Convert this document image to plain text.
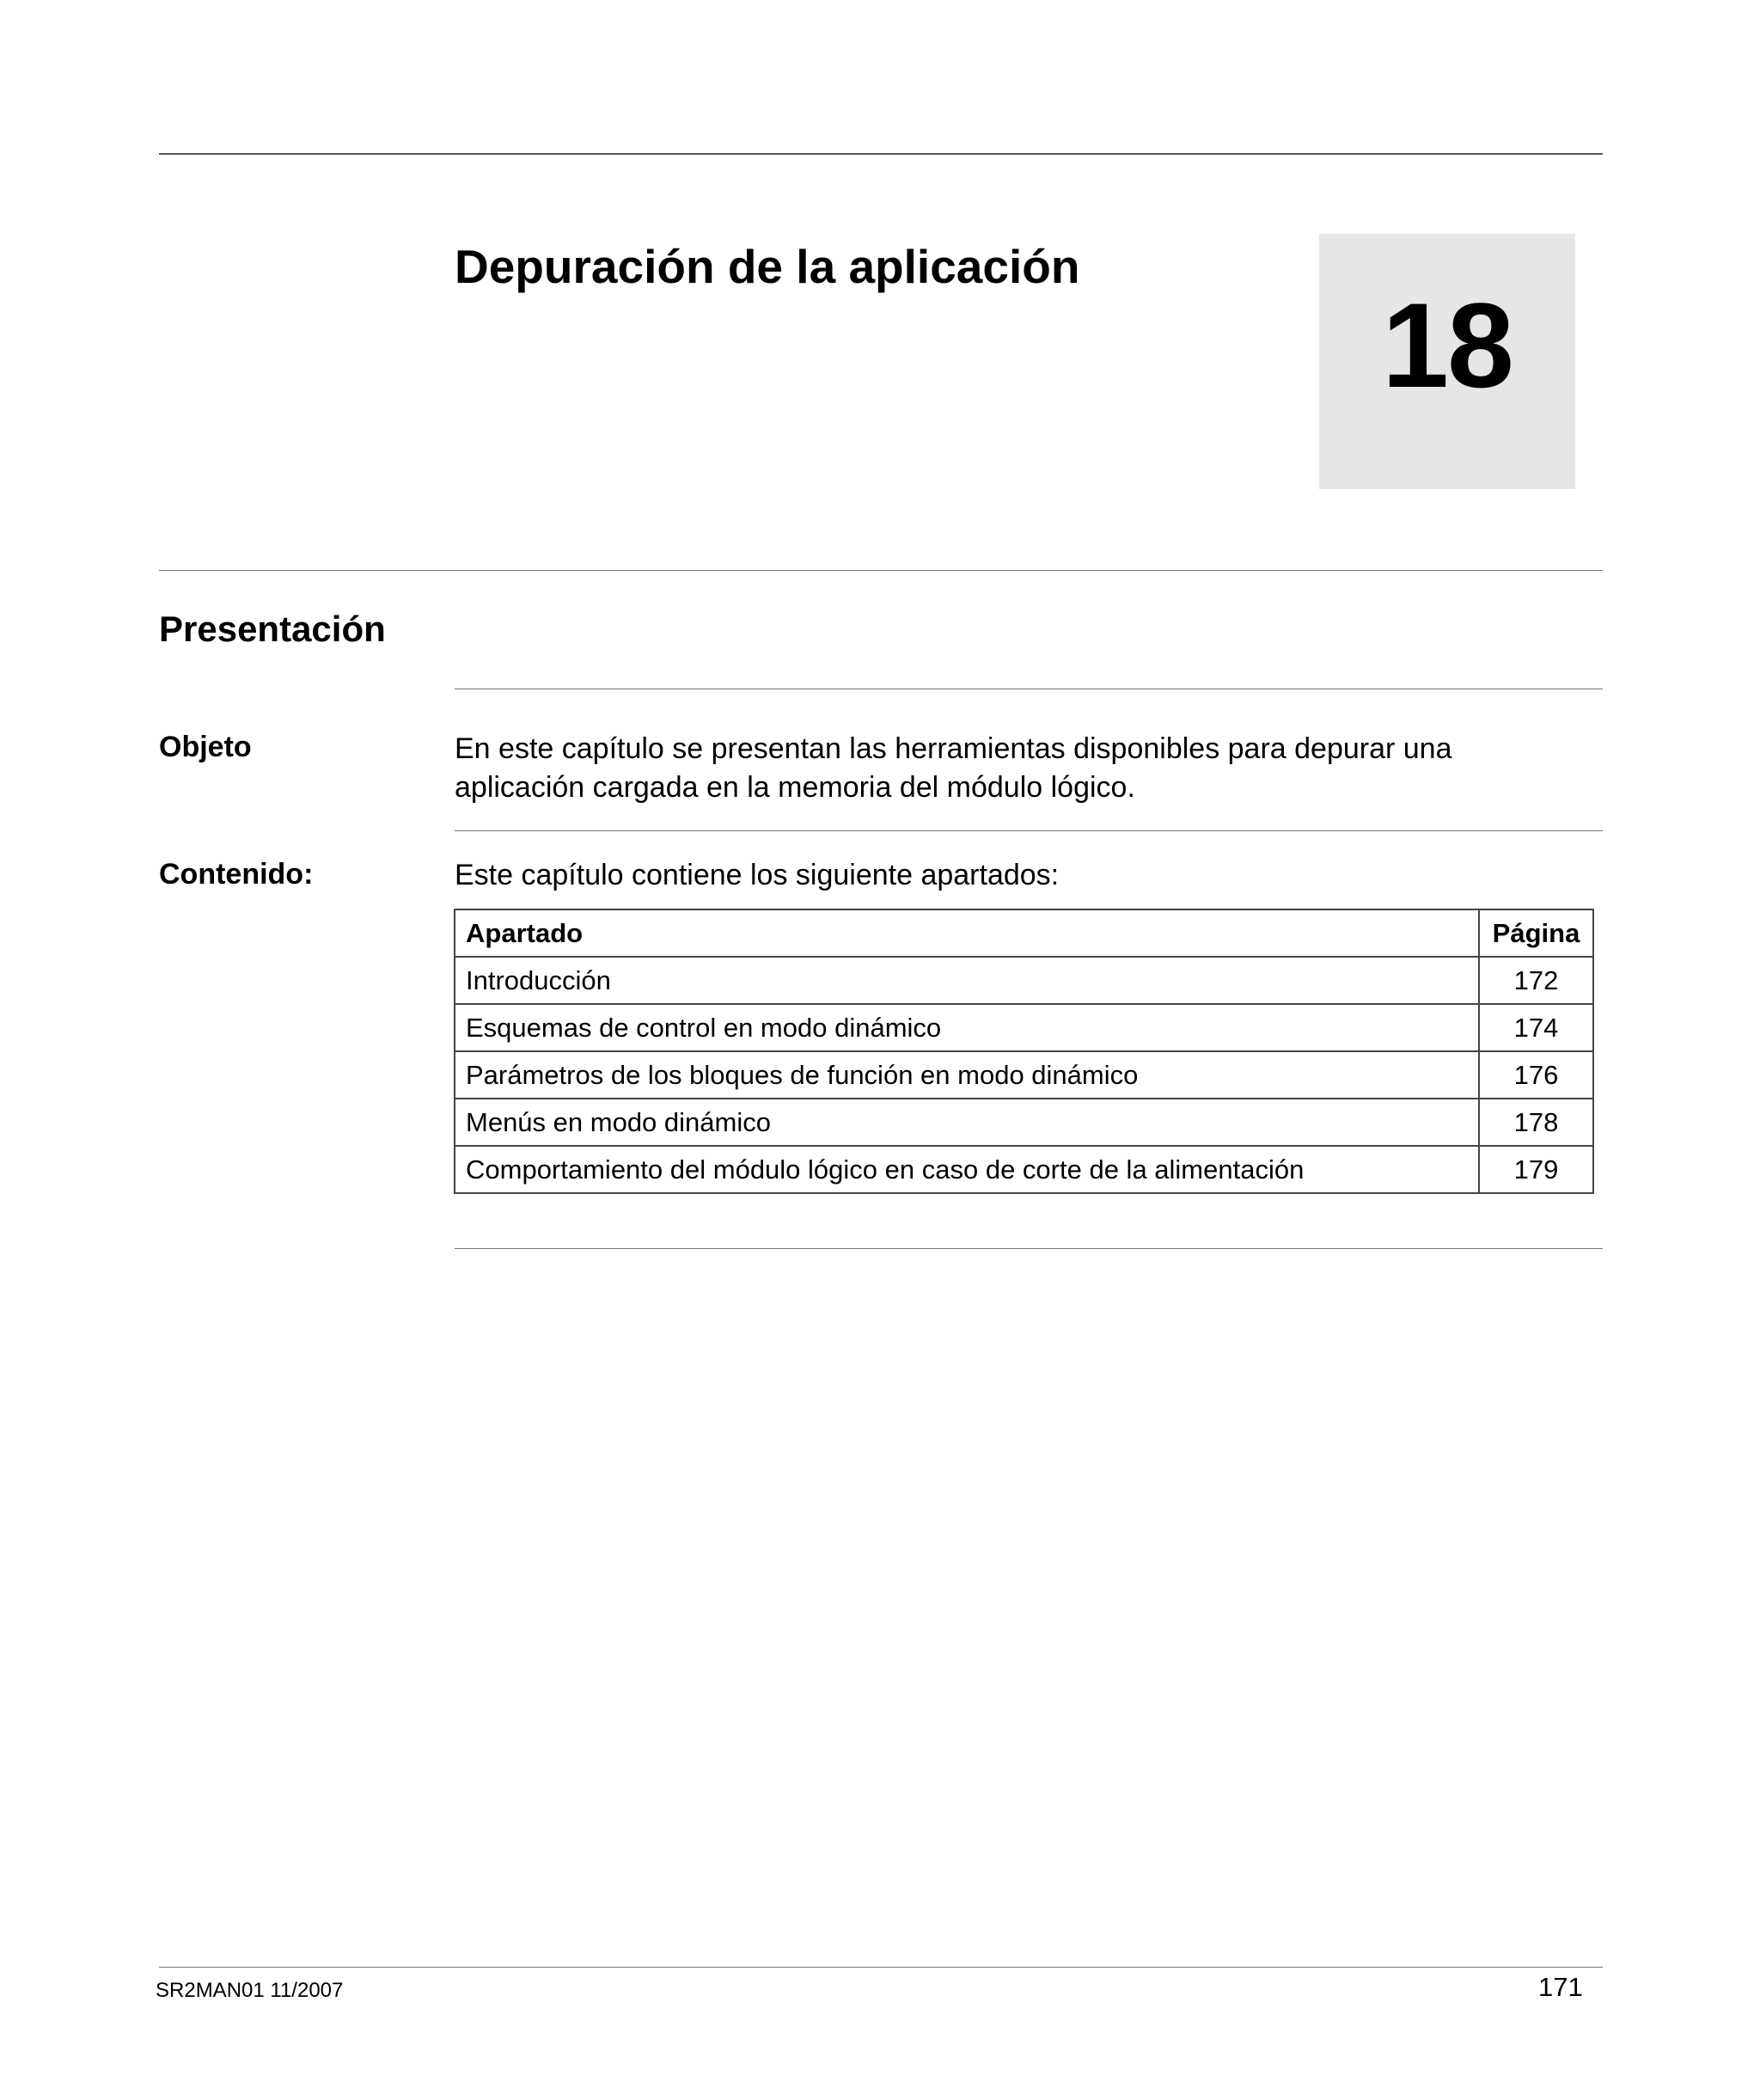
Depuración de la aplicación
18
Presentación
Objeto	En este capítulo se presentan las herramientas disponibles para depurar una
aplicación cargada en la memoria del módulo lógico.
Contenido:	Este capítulo contiene los siguiente apartados:
Apartado	Página
Introducción	172
Esquemas de control en modo dinámico	174
Parámetros de los bloques de función en modo dinámico	176
Menús en modo dinámico	178
Comportamiento del módulo lógico en caso de corte de la alimentación	179
SR2MAN01 11/2007	171
